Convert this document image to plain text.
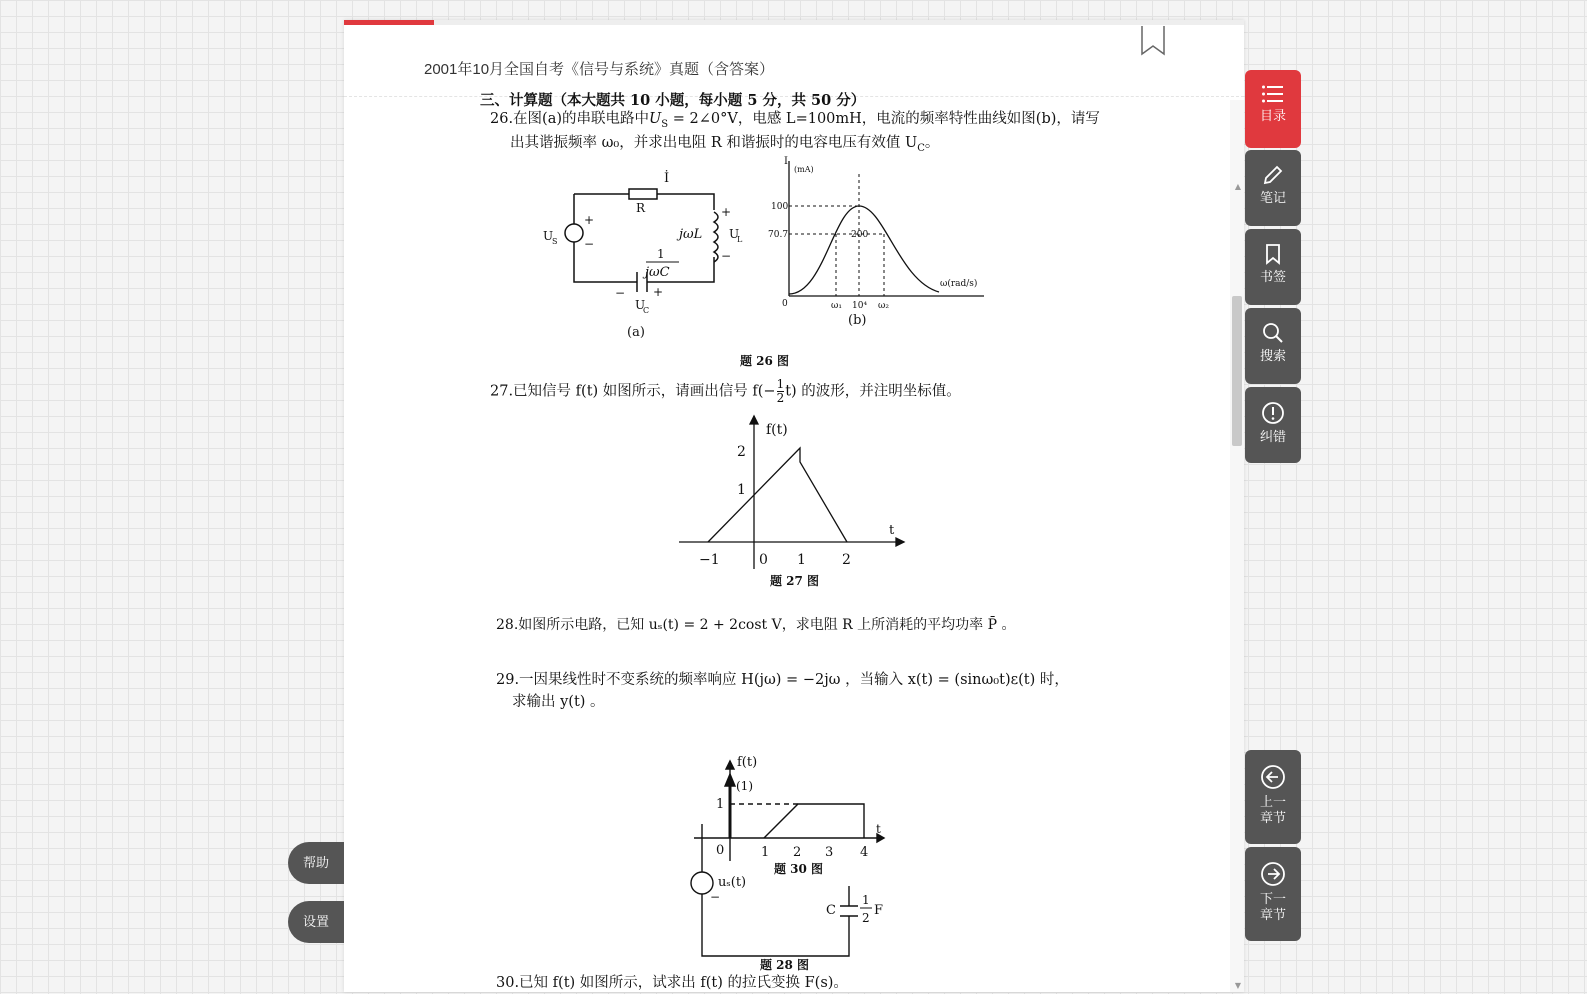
2001年10月全国自考《信号与系统》真题（含答案）
三、计算题（本大题共 10 小题，每小题 5 分，共 50 分）
26.在图(a)的串联电路中$U_S$ = 2∠0°V，电感 L=100mH，电流的频率特性曲线如图(b)，请写
出其谐振频率 ω₀，并求出电阻 R 和谐振时的电容电压有效值 $U_C$。
İ
R
U
S
+
−
jωL
+
U
L
−
1
jωC
− +
U
C
(a)
I
(mA)
100
70.7	200
ω(rad/s)
0	ω₁ 10⁴ ω₂
(b)
题 26 图
27.已知信号 f(t) 如图所示，请画出信号 $f(- \frac{1}{2} t)$ 的波形，并注明坐标值。
f(t)
t
2
1
−1	0 1	2
题 27 图
28.如图所示电路，已知 uₛ(t) = 2 + 2cost V，求电阻 R 上所消耗的平均功率 P̄ 。
29.一因果线性时不变系统的频率响应 H(jω) = −2jω ，当输入 x(t) = (sinω₀t)ε(t) 时，
求输出 y(t) 。
f(t)
(1)
1
t
0	1 2 3 4
题 30 图
uₛ(t)
−
C
1
2 F
题 28 图
30.已知 f(t) 如图所示，试求出 f(t) 的拉氏变换 F(s)。
▲
▼
帮助
设置
目录
笔记
书签
搜索
纠错
上一
章节
下一
章节
